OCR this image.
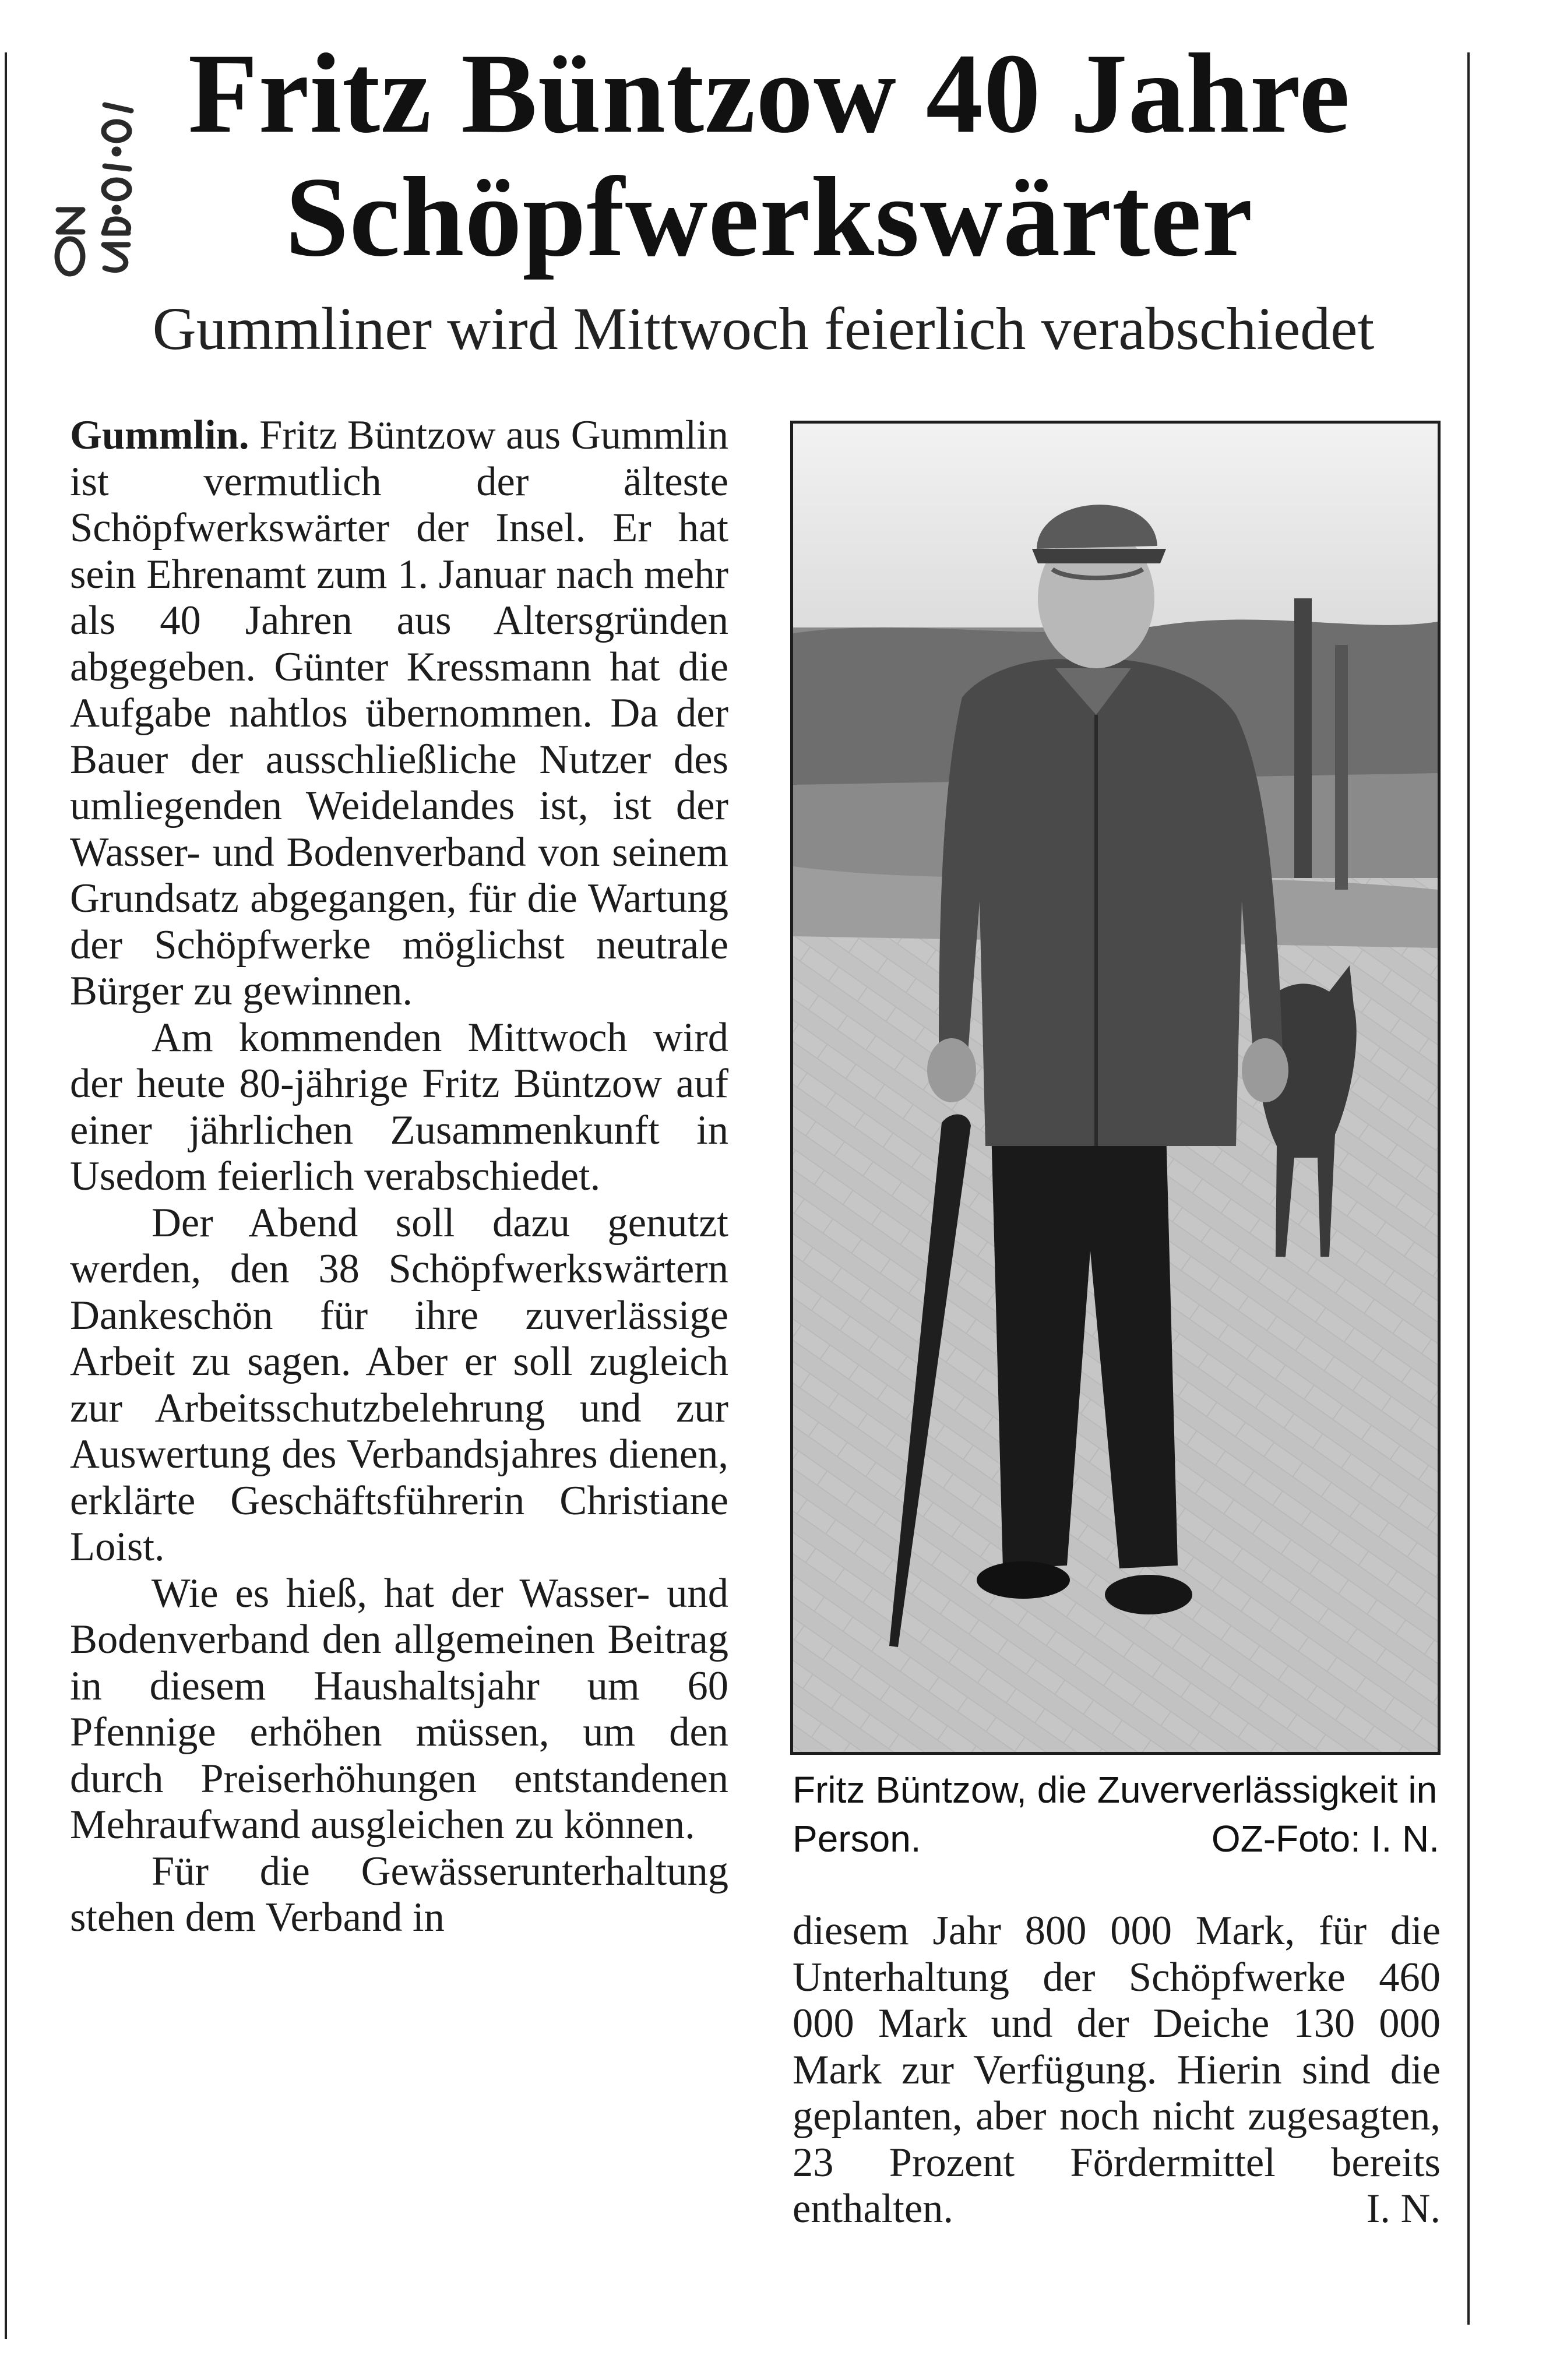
Fritz Büntzow 40 Jahre
Schöpfwerkswärter
Gummliner wird Mittwoch feierlich verabschiedet

Gummlin. Fritz Büntzow aus Gummlin ist vermutlich der älteste Schöpfwerkswärter der Insel. Er hat sein Ehrenamt zum 1. Januar nach mehr als 40 Jahren aus Altersgründen abgegeben. Günter Kressmann hat die Aufgabe nahtlos übernommen. Da der Bauer der ausschließliche Nutzer des umliegenden Weidelandes ist, ist der Wasser- und Bodenverband von seinem Grundsatz abgegangen, für die Wartung der Schöpfwerke möglichst neutrale Bürger zu gewinnen.

Am kommenden Mittwoch wird der heute 80-jährige Fritz Büntzow auf einer jährlichen Zusammenkunft in Usedom feierlich verabschiedet.

Der Abend soll dazu genutzt werden, den 38 Schöpfwerkswärtern Dankeschön für ihre zuverlässige Arbeit zu sagen. Aber er soll zugleich zur Arbeitsschutzbelehrung und zur Auswertung des Verbandsjahres dienen, erklärte Geschäftsführerin Christiane Loist.

Wie es hieß, hat der Wasser- und Bodenverband den allgemeinen Beitrag in diesem Haushaltsjahr um 60 Pfennige erhöhen müssen, um den durch Preiserhöhungen entstandenen Mehraufwand ausgleichen zu können.

Für die Gewässerunterhaltung stehen dem Verband in

Fritz Büntzow, die Zuververlässigkeit in Person.	OZ-Foto: I. N.

diesem Jahr 800 000 Mark, für die Unterhaltung der Schöpfwerke 460 000 Mark und der Deiche 130 000 Mark zur Verfügung. Hierin sind die geplanten, aber noch nicht zugesagten, 23 Prozent Fördermittel bereits enthalten.	I. N.
